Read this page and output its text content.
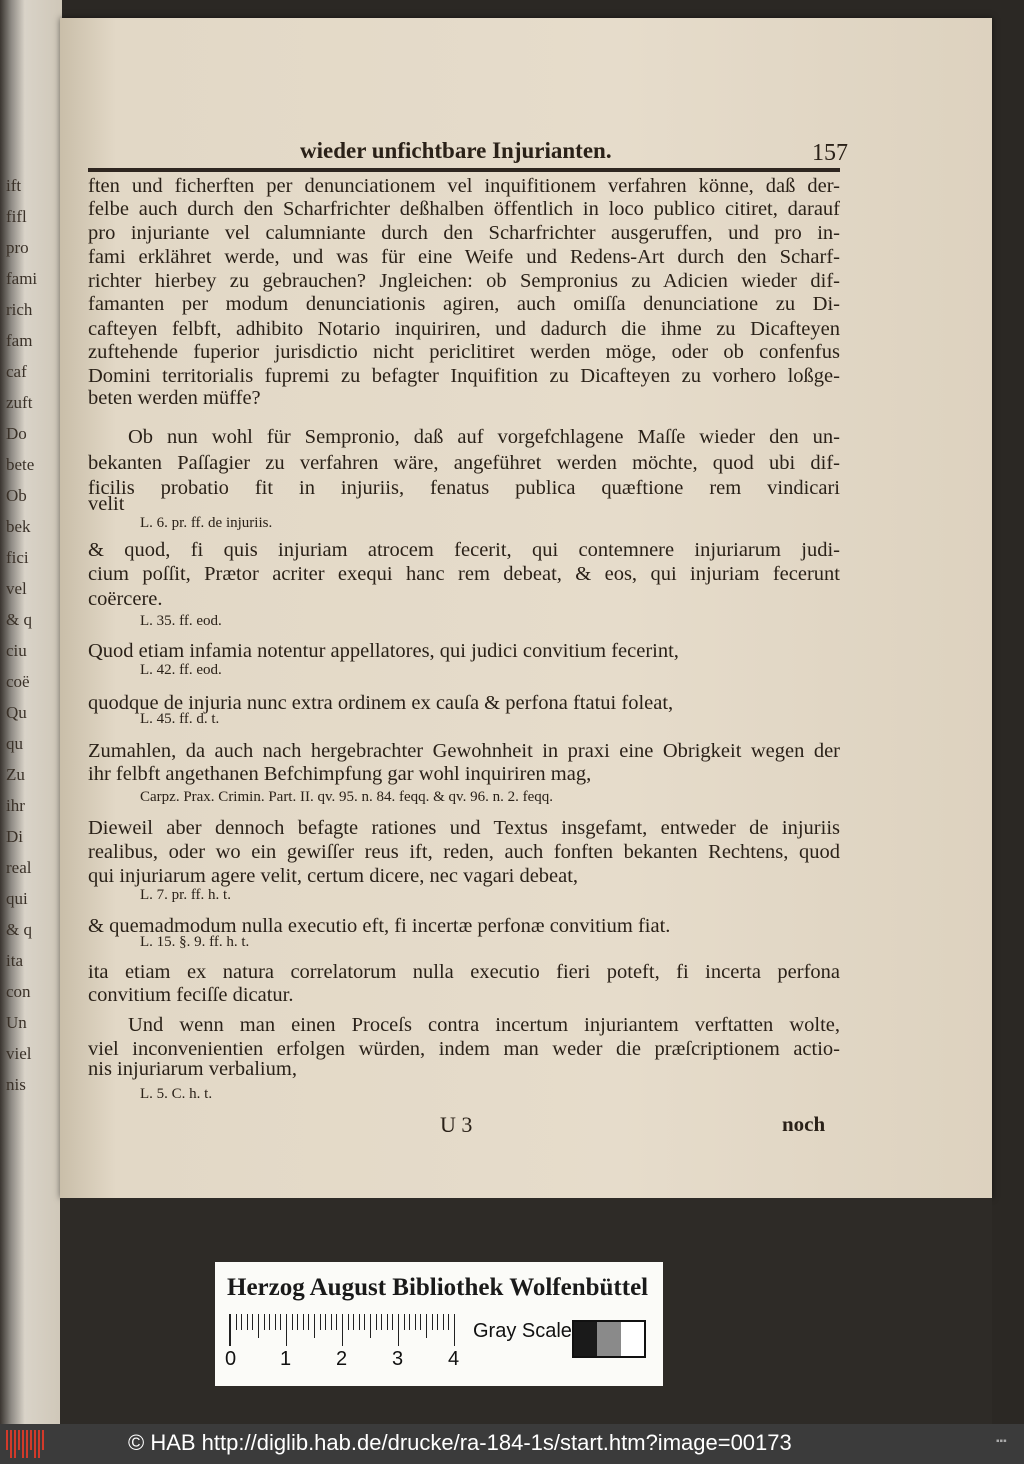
ift
fifl
pro
fami
rich
fam
caf
zuft
Do
bete
Ob
bek
fici
vel
& q
ciu
coë
Qu
qu
Zu
ihr
Di
real
qui
& q
ita
con
Un
viel
nis
wieder unfichtbare Injurianten.	157
ften und ficherften per denunciationem vel inquifitionem verfahren könne, daß der-
felbe auch durch den Scharfrichter deßhalben öffentlich in loco publico citiret, darauf
pro injuriante vel calumniante durch den Scharfrichter ausgeruffen, und pro in-
fami erklähret werde, und was für eine Weife und Redens-Art durch den Scharf-
richter hierbey zu gebrauchen? Jngleichen: ob Sempronius zu Adicien wieder dif-
famanten per modum denunciationis agiren, auch omiſſa denunciatione zu Di-
cafteyen felbft, adhibito Notario inquiriren, und dadurch die ihme zu Dicafteyen
zuftehende fuperior jurisdictio nicht periclitiret werden möge, oder ob confenfus
Domini territorialis fupremi zu befagter Inquifition zu Dicafteyen zu vorhero loßge-
beten werden müffe?
Ob nun wohl für Sempronio, daß auf vorgefchlagene Maſſe wieder den un-
bekanten Paſſagier zu verfahren wäre, angeführet werden möchte, quod ubi dif-
ficilis probatio fit in injuriis, fenatus publica quæftione rem vindicari
velit
L. 6. pr. ff. de injuriis.
& quod, fi quis injuriam atrocem fecerit, qui contemnere injuriarum judi-
cium poſſit, Prætor acriter exequi hanc rem debeat, & eos, qui injuriam fecerunt
coërcere.
L. 35. ff. eod.
Quod etiam infamia notentur appellatores, qui judici convitium fecerint,
L. 42. ff. eod.
quodque de injuria nunc extra ordinem ex cauſa & perfona ftatui foleat,
L. 45. ff. d. t.
Zumahlen, da auch nach hergebrachter Gewohnheit in praxi eine Obrigkeit wegen der
ihr felbft angethanen Befchimpfung gar wohl inquiriren mag,
Carpz. Prax. Crimin. Part. II. qv. 95. n. 84. feqq. & qv. 96. n. 2. feqq.
Dieweil aber dennoch befagte rationes und Textus insgefamt, entweder de injuriis
realibus, oder wo ein gewiſſer reus ift, reden, auch fonften bekanten Rechtens, quod
qui injuriarum agere velit, certum dicere, nec vagari debeat,
L. 7. pr. ff. h. t.
& quemadmodum nulla executio eft, fi incertæ perfonæ convitium fiat.
L. 15. §. 9. ff. h. t.
ita etiam ex natura correlatorum nulla executio fieri poteft, fi incerta perfona
convitium feciſſe dicatur.
Und wenn man einen Proceſs contra incertum injuriantem verftatten wolte,
viel inconvenientien erfolgen würden, indem man weder die præſcriptionem actio-
nis injuriarum verbalium,
L. 5. C. h. t.
U 3	noch
Herzog August Bibliothek Wolfenbüttel
0 1 2 3 4
Gray Scale
© HAB http://diglib.hab.de/drucke/ra-184-1s/start.htm?image=00173	▪▪▪
